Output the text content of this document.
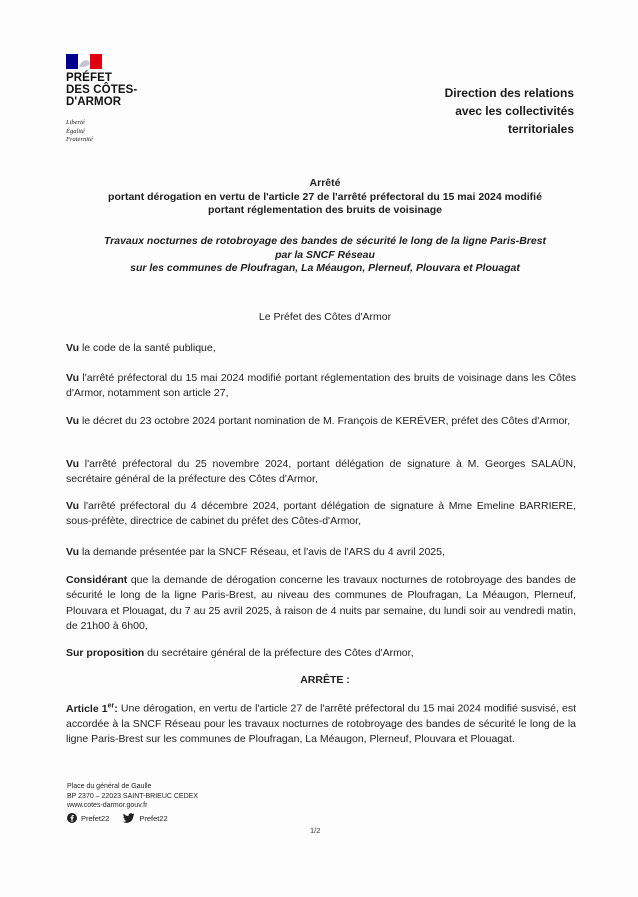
PRÉFET
DES CÔTES-
D'ARMOR
Liberté
Égalité
Fraternité
Direction des relations
avec les collectivités
territoriales
Arrêté
portant dérogation en vertu de l'article 27 de l'arrêté préfectoral du 15 mai 2024 modifié
portant réglementation des bruits de voisinage
Travaux nocturnes de rotobroyage des bandes de sécurité le long de la ligne Paris-Brest
par la SNCF Réseau
sur les communes de Ploufragan, La Méaugon, Plerneuf, Plouvara et Plouagat
Le Préfet des Côtes d'Armor
Vu le code de la santé publique,
Vu l'arrêté préfectoral du 15 mai 2024 modifié portant réglementation des bruits de voisinage dans les Côtes d'Armor, notamment son article 27,
Vu le décret du 23 octobre 2024 portant nomination de M. François de KERÉVER, préfet des Côtes d'Armor,
Vu l'arrêté préfectoral du 25 novembre 2024, portant délégation de signature à M. Georges SALAÜN, secrétaire général de la préfecture des Côtes d'Armor,
Vu l'arrêté préfectoral du 4 décembre 2024, portant délégation de signature à Mme Emeline BARRIERE, sous-préfète, directrice de cabinet du préfet des Côtes-d'Armor,
Vu la demande présentée par la SNCF Réseau, et l'avis de l'ARS du 4 avril 2025,
Considérant que la demande de dérogation concerne les travaux nocturnes de rotobroyage des bandes de sécurité le long de la ligne Paris-Brest, au niveau des communes de Ploufragan, La Méaugon, Plerneuf, Plouvara et Plouagat, du 7 au 25 avril 2025, à raison de 4 nuits par semaine, du lundi soir au vendredi matin, de 21h00 à 6h00,
Sur proposition du secrétaire général de la préfecture des Côtes d'Armor,
ARRÊTE :
Article 1er: Une dérogation, en vertu de l'article 27 de l'arrêté préfectoral du 15 mai 2024 modifié susvisé, est accordée à la SNCF Réseau pour les travaux nocturnes de rotobroyage des bandes de sécurité le long de la ligne Paris-Brest sur les communes de Ploufragan, La Méaugon, Plerneuf, Plouvara et Plouagat.
Place du général de Gaulle
BP 2370 – 22023 SAINT-BRIEUC CEDEX
www.cotes-darmor.gouv.fr
Prefet22	Prefet22
1/2
